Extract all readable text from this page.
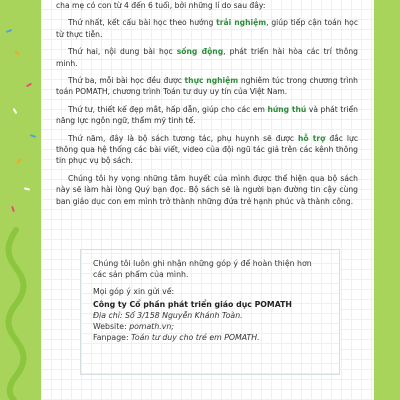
cha mẹ có con từ 4 đến 6 tuổi, bởi những lí do sau đây:

Thứ nhất, kết cấu bài học theo hướng trải nghiệm, giúp tiếp cận toán học từ thực tiễn.

Thứ hai, nội dung bài học sống động, phát triển hài hòa các trí thông minh.

Thứ ba, mỗi bài học đều được thực nghiệm nghiêm túc trong chương trình toán POMATH, chương trình Toán tư duy uy tín của Việt Nam.

Thứ tư, thiết kế đẹp mắt, hấp dẫn, giúp cho các em hứng thú và phát triển năng lực ngôn ngữ, thẩm mỹ tinh tế.

Thứ năm, đây là bộ sách tương tác, phụ huynh sẽ được hỗ trợ đắc lực thông qua hệ thống các bài viết, video của đội ngũ tác giả trên các kênh thông tin phục vụ bộ sách.

Chúng tôi hy vọng những tâm huyết của mình được thể hiện qua bộ sách này sẽ làm hài lòng Quý bạn đọc. Bộ sách sẽ là người bạn đường tin cậy cùng ban giáo dục con em mình trở thành những đứa trẻ hạnh phúc và thành công.

Chúng tôi luôn ghi nhận những góp ý để hoàn thiện hơn các sản phẩm của mình.

Mọi góp ý xin gửi về:

Công ty Cổ phần phát triển giáo dục POMATH

Địa chỉ: Số 3/158 Nguyễn Khánh Toàn.

Website: pomath.vn;

Fanpage: Toán tư duy cho trẻ em POMATH.
